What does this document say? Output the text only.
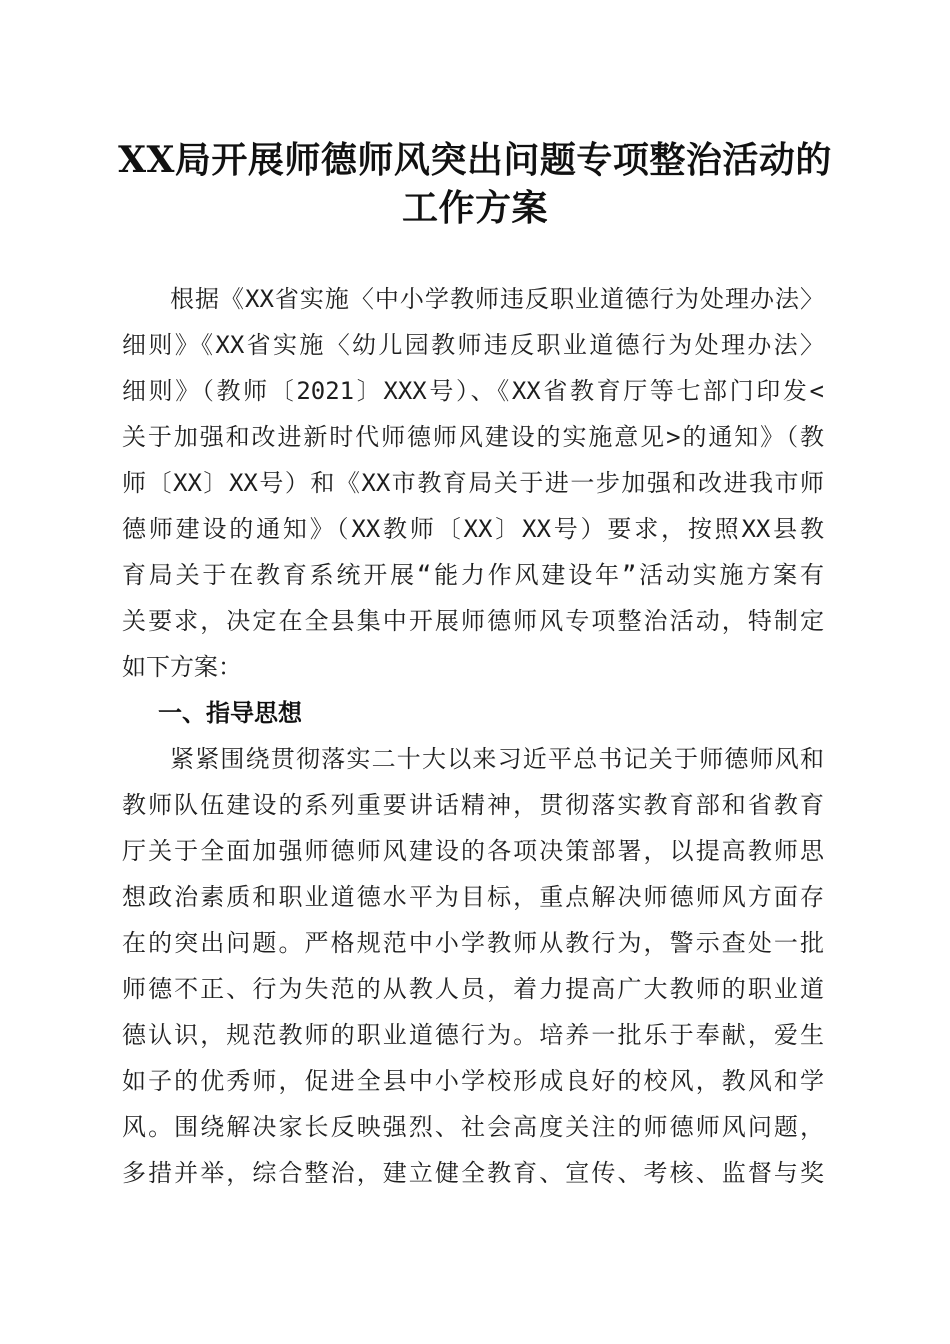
XX局开展师德师风突出问题专项整治活动的
工作方案
根据《XX省实施〈中小学教师违反职业道德行为处理办法〉
细则》《XX省实施〈幼儿园教师违反职业道德行为处理办法〉
细则》（教师〔2021〕XXX号）、《XX省教育厅等七部门印发<
关于加强和改进新时代师德师风建设的实施意见>的通知》（教
师〔XX〕XX号）和《XX市教育局关于进一步加强和改进我市师
德师建设的通知》（XX教师〔XX〕XX号）要求，按照XX县教
育局关于在教育系统开展“能力作风建设年”活动实施方案有
关要求，决定在全县集中开展师德师风专项整治活动，特制定
如下方案：
一、指导思想
紧紧围绕贯彻落实二十大以来习近平总书记关于师德师风和
教师队伍建设的系列重要讲话精神，贯彻落实教育部和省教育
厅关于全面加强师德师风建设的各项决策部署，以提高教师思
想政治素质和职业道德水平为目标，重点解决师德师风方面存
在的突出问题。严格规范中小学教师从教行为，警示查处一批
师德不正、行为失范的从教人员，着力提高广大教师的职业道
德认识，规范教师的职业道德行为。培养一批乐于奉献，爱生
如子的优秀师，促进全县中小学校形成良好的校风，教风和学
风。围绕解决家长反映强烈、社会高度关注的师德师风问题，
多措并举，综合整治，建立健全教育、宣传、考核、监督与奖
